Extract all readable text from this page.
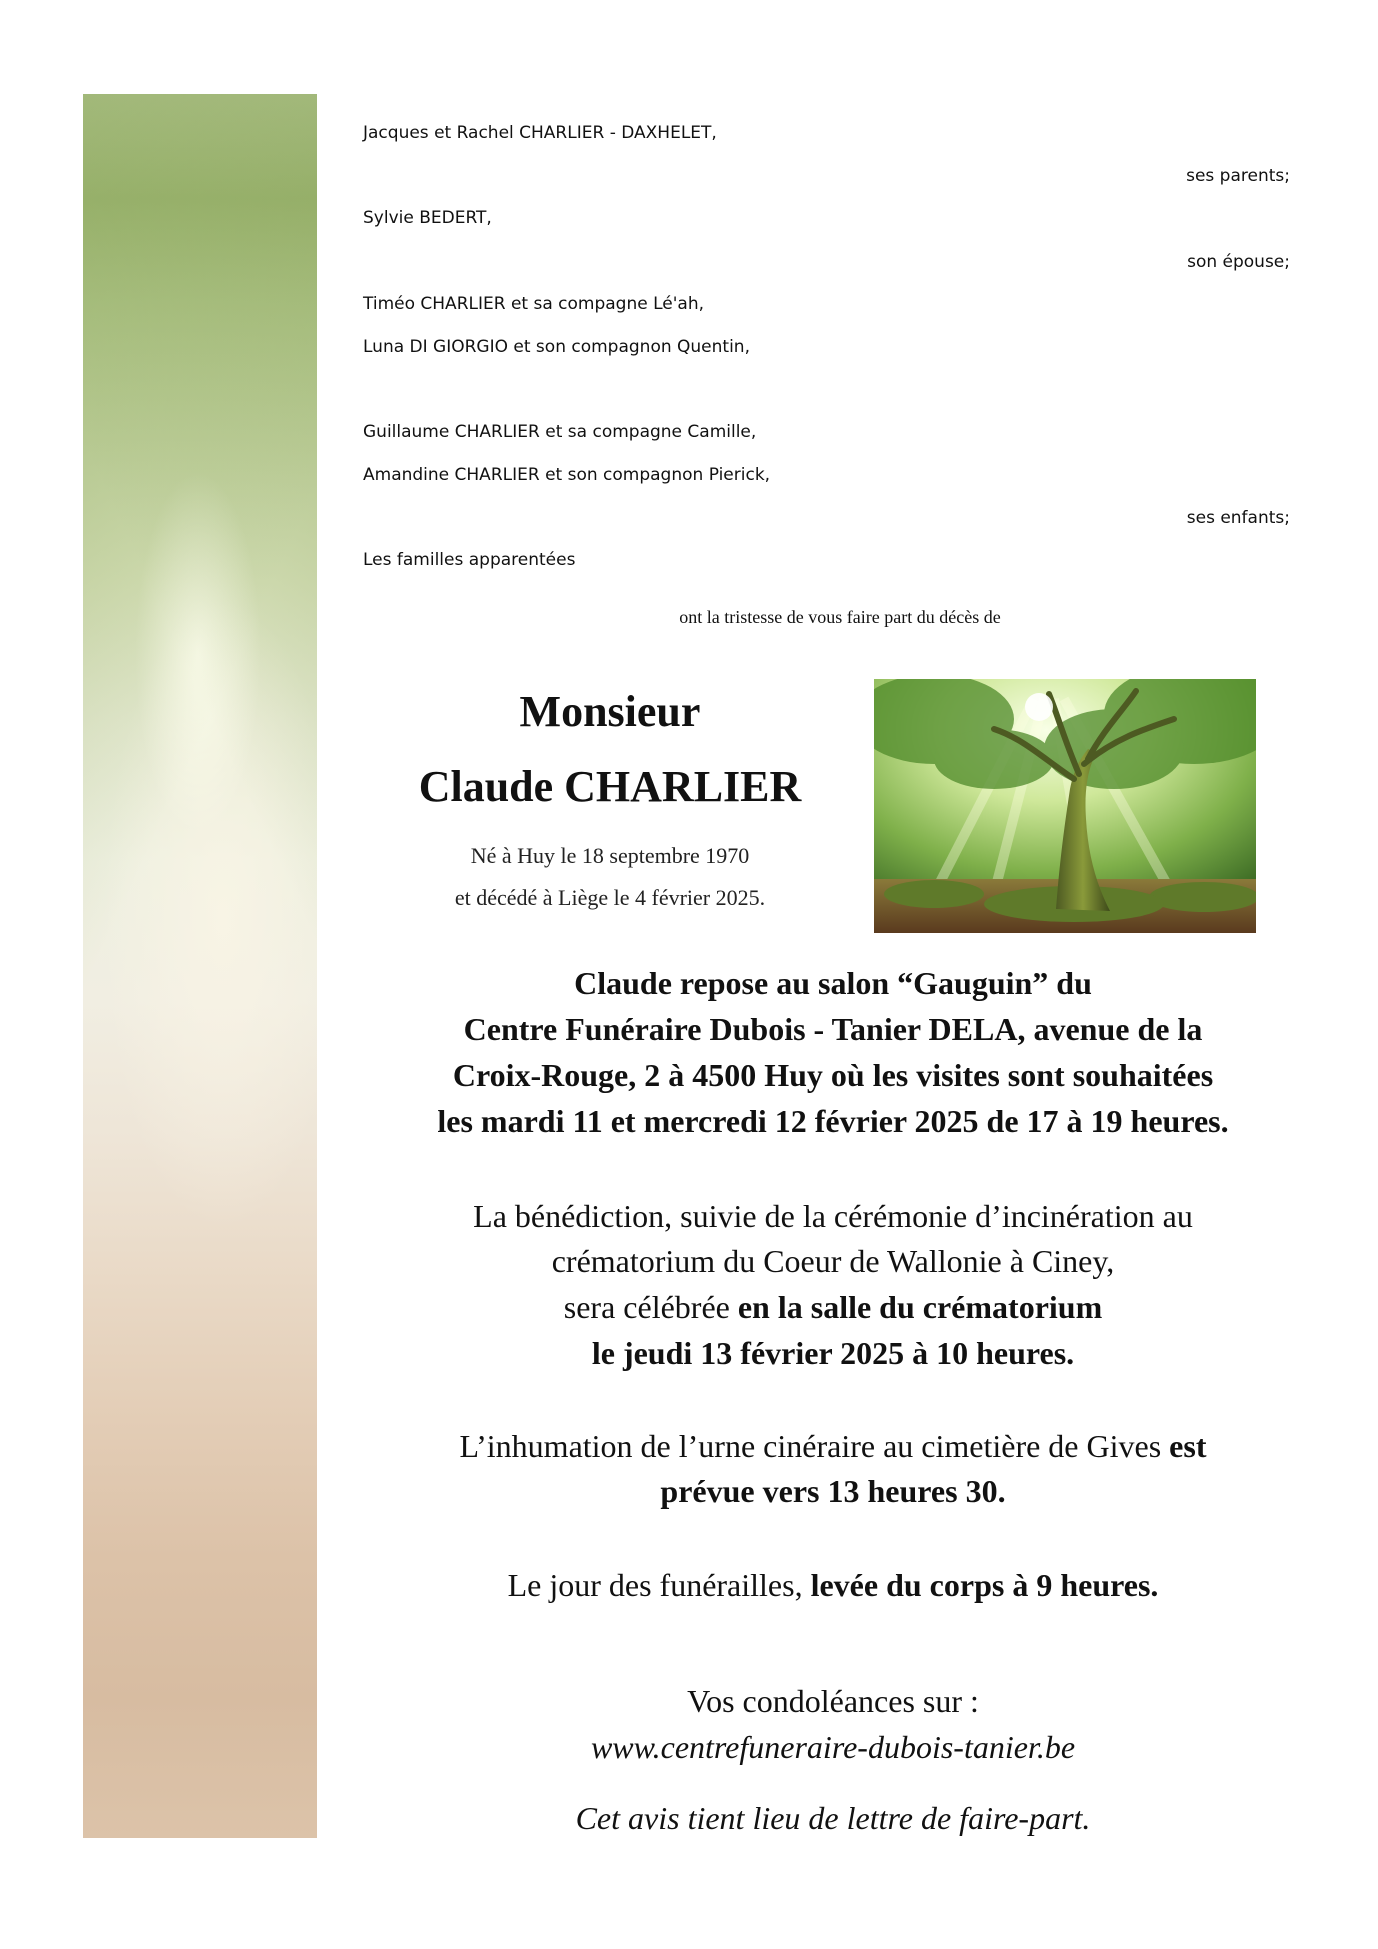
Jacques et Rachel CHARLIER - DAXHELET,
ses parents;
Sylvie BEDERT,
son épouse;
Timéo CHARLIER et sa compagne Lé'ah,
Luna DI GIORGIO et son compagnon Quentin,
Guillaume CHARLIER et sa compagne Camille,
Amandine CHARLIER et son compagnon Pierick,
ses enfants;
Les familles apparentées
ont la tristesse de vous faire part du décès de
Monsieur
Claude CHARLIER
Né à Huy le 18 septembre 1970
et décédé à Liège le 4 février 2025.
Claude repose au salon “Gauguin” du
Centre Funéraire Dubois - Tanier DELA, avenue de la
Croix-Rouge, 2 à 4500 Huy où les visites sont souhaitées
les mardi 11 et mercredi 12 février 2025 de 17 à 19 heures.
La bénédiction, suivie de la cérémonie d’incinération au
crématorium du Coeur de Wallonie à Ciney,
sera célébrée en la salle du crématorium
le jeudi 13 février 2025 à 10 heures.
L’inhumation de l’urne cinéraire au cimetière de Gives est
prévue vers 13 heures 30.
Le jour des funérailles, levée du corps à 9 heures.
Vos condoléances sur :
www.centrefuneraire-dubois-tanier.be
Cet avis tient lieu de lettre de faire-part.
